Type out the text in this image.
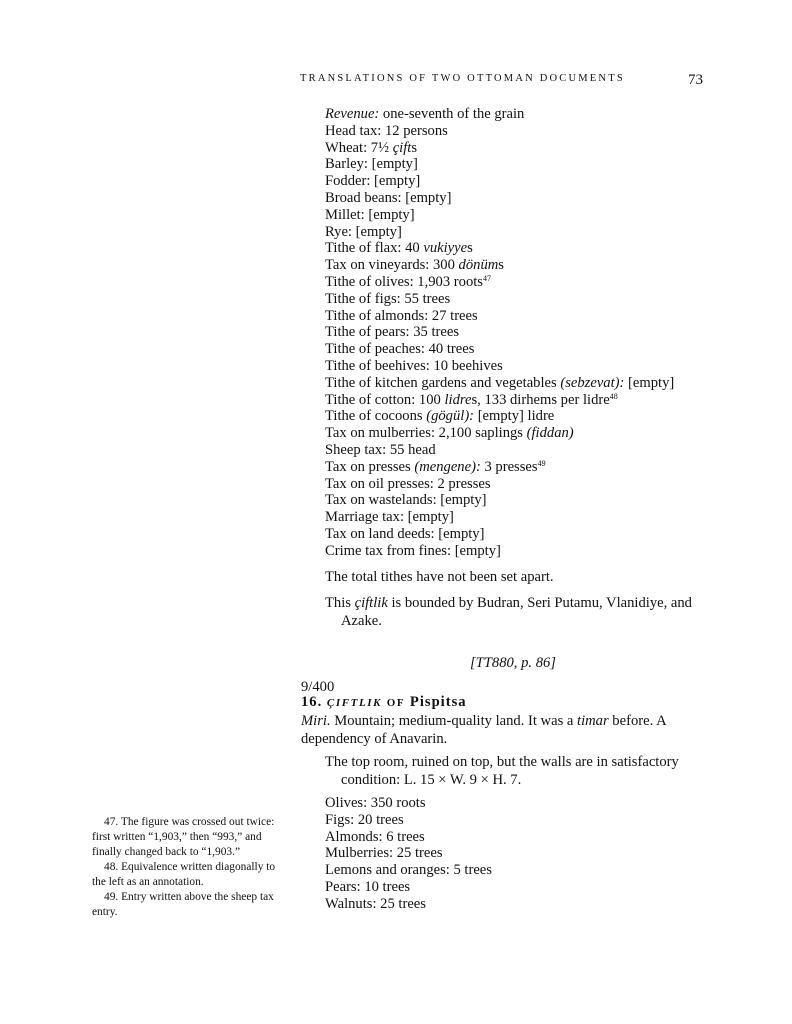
TRANSLATIONS OF TWO OTTOMAN DOCUMENTS	73
Revenue: one-seventh of the grain
Head tax: 12 persons
Wheat: 7½ çifts
Barley: [empty]
Fodder: [empty]
Broad beans: [empty]
Millet: [empty]
Rye: [empty]
Tithe of flax: 40 vukiyyes
Tax on vineyards: 300 dönüms
Tithe of olives: 1,903 roots$^{47}$
Tithe of figs: 55 trees
Tithe of almonds: 27 trees
Tithe of pears: 35 trees
Tithe of peaches: 40 trees
Tithe of beehives: 10 beehives
Tithe of kitchen gardens and vegetables (sebzevat): [empty]
Tithe of cotton: 100 lidres, 133 dirhems per lidre$^{48}$
Tithe of cocoons (gögül): [empty] lidre
Tax on mulberries: 2,100 saplings (fiddan)
Sheep tax: 55 head
Tax on presses (mengene): 3 presses$^{49}$
Tax on oil presses: 2 presses
Tax on wastelands: [empty]
Marriage tax: [empty]
Tax on land deeds: [empty]
Crime tax from fines: [empty]
The total tithes have not been set apart.
This çiftlik is bounded by Budran, Seri Putamu, Vlanidiye, and Azake.
[TT880, p. 86]
9/400
16. ÇIFTLIK OF Pispitsa
Miri. Mountain; medium-quality land. It was a timar before. A dependency of Anavarin.
The top room, ruined on top, but the walls are in satisfactory condition: L. 15 × W. 9 × H. 7.
Olives: 350 roots
Figs: 20 trees
Almonds: 6 trees
Mulberries: 25 trees
Lemons and oranges: 5 trees
Pears: 10 trees
Walnuts: 25 trees
47. The figure was crossed out twice: first written “1,903,” then “993,” and finally changed back to “1,903.”
48. Equivalence written diagonally to the left as an annotation.
49. Entry written above the sheep tax entry.
